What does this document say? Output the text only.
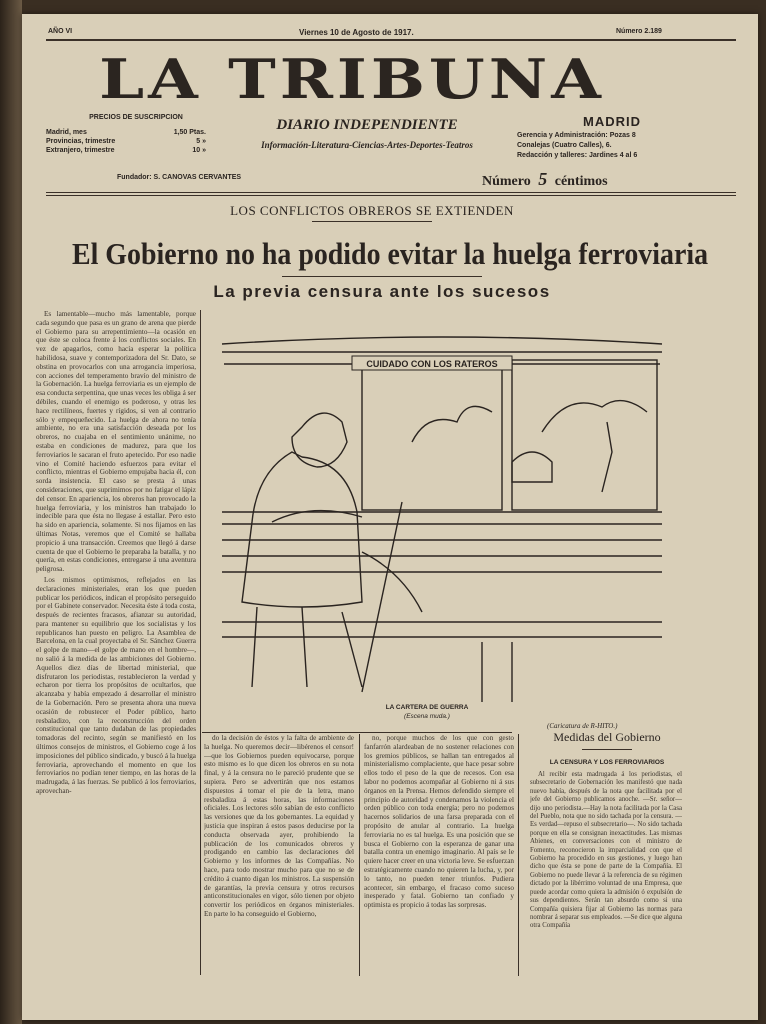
AÑO VI	Viernes 10 de Agosto de 1917.	Número 2.189
LA TRIBUNA
DIARIO INDEPENDIENTE
Información-Literatura-Ciencias-Artes-Deportes-Teatros
PRECIOS DE SUSCRIPCION
Madrid, mes	1,50 Ptas.
Provincias, trimestre	5 »
Extranjero, trimestre	10 »
Fundador: S. CANOVAS CERVANTES
MADRID
Gerencia y Administración: Pozas 8
Conalejas (Cuatro Calles), 6.
Redacción y talleres: Jardines 4 al 6
Número 5 céntimos
LOS CONFLICTOS OBREROS SE EXTIENDEN
El Gobierno no ha podido evitar la huelga ferroviaria
La previa censura ante los sucesos

Es lamentable—mucho más lamentable, porque cada segundo que pasa es un grano de arena que pierde el Gobierno para su arrepentimiento—la ocasión en que éste se coloca frente á los conflictos sociales. En vez de apagarlos, como hacía esperar la política habilidosa, suave y contemporizadora del Sr. Dato, se obstina en provocarlos con una arrogancia imperiosa, con acciones del temperamento bravío del ministro de la Gobernación. La huelga ferroviaria es un ejemplo de esa conducta serpentina, que unas veces les obliga á ser débiles, cuando el enemigo es poderoso, y otras les hace rectilíneos, fuertes y rígidos, si ven al contrario sólo y empequeñecido. La huelga de ahora no tenía ambiente, no era una satisfacción deseada por los obreros, no cuajaba en el sentimiento unánime, no estaba en condiciones de madurez, para que los ferroviarios le sacaran el fruto apetecido. Por eso nadie vino el Comité haciendo esfuerzos para evitar el conflicto, mientras el Gobierno empujaba hacia él, con sorda insistencia. El caso se presta á unas consideraciones, que suprimimos por no fatigar el lápiz del censor. En apariencia, los obreros han provocado la huelga ferroviaria, y los ministros han trabajado lo indecible para que ésta no llegase á estallar. Pero esto ha sido en apariencia, solamente. Si nos fijamos en las últimas Notas, veremos que el Comité se hallaba propicio á una transacción. Creemos que llegó á darse cuenta de que el Gobierno le preparaba la batalla, y no quería, en estas condiciones, entregarse á una aventura peligrosa.

Los mismos optimismos, reflejados en las declaraciones ministeriales, eran los que pueden publicar los periódicos, indican el propósito perseguido por el Gabinete conservador. Necesita éste á toda costa, después de recientes fracasos, afianzar su autoridad, para mantener su equilibrio que los socialistas y los republicanos han puesto en peligro. La Asamblea de Barcelona, en la cual proyectaba el Sr. Sánchez Guerra el golpe de mano—el golpe de mano en el hombre—, no salió á la medida de las ambiciones del Gobierno. Aquellos diez días de libertad ministerial, que disfrutaron los periodistas, restablecieron la verdad y echaron por tierra los propósitos de ocultarlos, que alcanzaba y había empezado á desarrollar el ministro de la Gobernación. Pero se presenta ahora una nueva ocasión de robustecer el Poder público, harto resbaladizo, con la reconstrucción del orden constitucional que tanto dudaban de las propiedades tomadoras del recinto, según se manifiestó en los últimos consejos de ministros, el Gobierno coge á los imposiciones del público sindicado, y buscó á la huelga ferroviaria, aprovechando el momento en que los ferroviarios no podían tener tiempo, en las horas de la madrugada, á las fuerzas. Se publicó á los ferroviarios, aprovechan-

CUIDADO CON LOS RATEROS
LA CARTERA DE GUERRA
(Escena muda.)
(Caricatura de R-HITO.)

do la decisión de éstos y la falta de ambiente de la huelga. No queremos decir—libérenos el censor!—que los Gobiernos pueden equivocarse, porque esto mismo es lo que dicen los obreros en su nota final, y á la censura no le pareció prudente que se supiera. Pero se advertirán que nos estamos dispuestos á tomar el pie de la letra, mano resbaladiza á estas horas, las informaciones oficiales. Los lectores sólo sabían de esto conflicto las versiones que da los gobernantes. La equidad y justicia que inspiran á estos pasos deducirse por la conducta observada ayer, prohibiendo la publicación de los comunicados obreros y prodigando en cambio las declaraciones del Gobierno y los informes de las Compañías. No hace, para todo mostrar mucho para que no se de crédito á cuanto digan los ministros. La suspensión de garantías, la previa censura y otros recursos anticonstitucionales en vigor, sólo tienen por objeto convertir los periódicos en órganos ministeriales. En parte lo ha conseguido el Gobierno,

no, porque muchos de los que con gesto fanfarrón alardeaban de no sostener relaciones con los gremios públicos, se hallan tan entregados al ministerialismo complaciente, que hace pesar sobre ellos todo el peso de la que de recesos. Con esa labor no podemos acompañar al Gobierno ni á sus órganos en la Prensa. Hemos defendido siempre el principio de autoridad y condenamos la violencia el orden público con toda energía; pero no podemos hacernos solidarios de una farsa preparada con el propósito de anular al contrario. La huelga ferroviaria no es tal huelga. Es una posición que se busca el Gobierno con la esperanza de ganar una batalla contra un enemigo imaginario. Al país se le quiere hacer creer en una victoria leve. Se esfuerzan estratégicamente cuando no quieren la lucha, y, por lo tanto, no pueden tener triunfos. Pudiera acontecer, sin embargo, el fracaso como suceso inesperado y fatal. Gobierno tan confiado y optimista es propicio á todas las sorpresas.

Medidas del Gobierno
LA CENSURA Y LOS FERROVIARIOS

Al recibir esta madrugada á los periodistas, el subsecretario de Gobernación les manifestó que nada nuevo había, después de la nota que facilitada por el jefe del Gobierno publicamos anoche. —Sr. señor—dijo uno periodista.—Hay la nota facilitada por la Casa del Pueblo, nota que no sido tachada por la censura. —Es verdad—repuso el subsecretario—. No sido tachada porque en ella se consignan inexactitudes. Las mismas Abienes, en conversaciones con el ministro de Fomento, reconocieron la imparcialidad con que el Gobierno ha procedido en sus gestiones, y luego han dicho que ésta se pone de parte de la Compañía. El Gobierno no puede llevar á la referencia de su régimen dictado por la libérrimo voluntad de una Empresa, que puede acordar como quiera la admisión ó expulsión de sus dependientes. Serán tan absurdo como si una Compañía quisiera fijar al Gobierno las normas para nombrar á separar sus empleados. —Se dice que alguna otra Compañía
